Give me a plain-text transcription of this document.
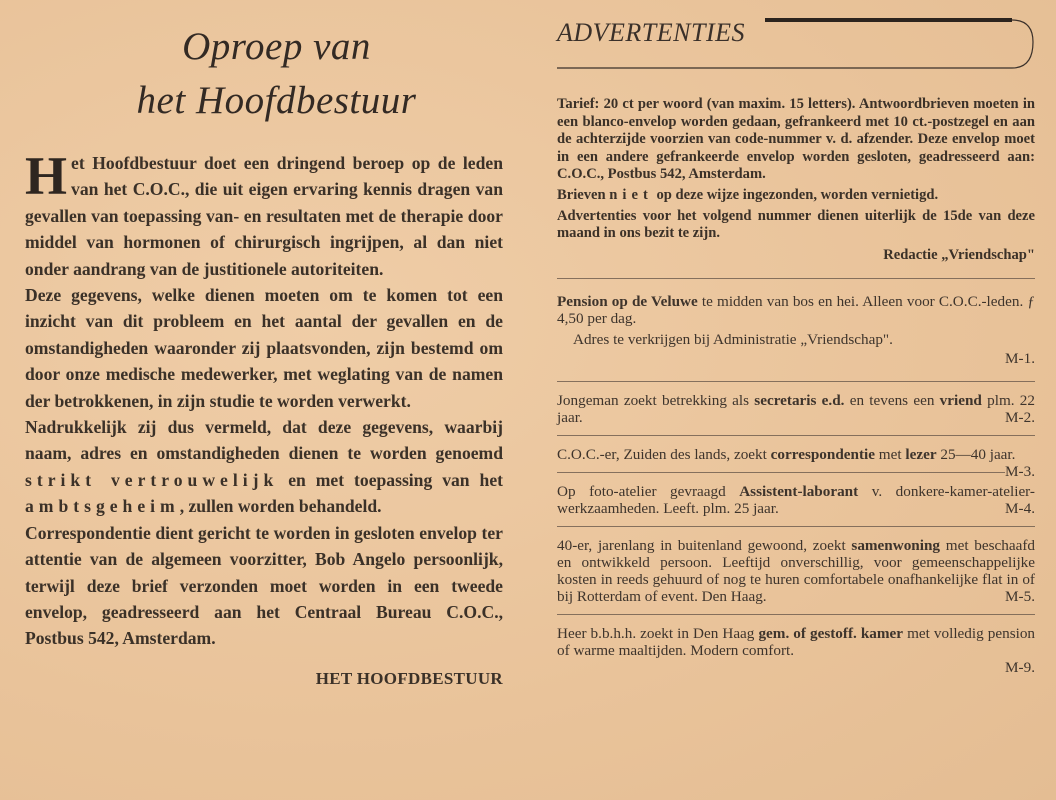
Oproep van
het Hoofdbestuur

Het Hoofdbestuur doet een dringend beroep op de leden van het C.O.C., die uit eigen ervaring kennis dragen van gevallen van toepassing van- en resultaten met de therapie door middel van hormonen of chirurgisch ingrijpen, al dan niet onder aandrang van de justitionele autoriteiten.

Deze gegevens, welke dienen moeten om te komen tot een inzicht van dit probleem en het aantal der gevallen en de omstandigheden waaronder zij plaatsvonden, zijn bestemd om door onze medische medewerker, met weglating van de namen der betrokkenen, in zijn studie te worden verwerkt.

Nadrukkelijk zij dus vermeld, dat deze gegevens, waarbij naam, adres en omstandigheden dienen te worden genoemd strikt vertrouwelijk en met toepassing van het ambtsgeheim, zullen worden behandeld.

Correspondentie dient gericht te worden in gesloten envelop ter attentie van de algemeen voorzitter, Bob Angelo persoonlijk, terwijl deze brief verzonden moet worden in een tweede envelop, geadresseerd aan het Centraal Bureau C.O.C., Postbus 542, Amsterdam.

HET HOOFDBESTUUR
ADVERTENTIES

Tarief: 20 ct per woord (van maxim. 15 letters). Antwoordbrieven moeten in een blanco-envelop worden gedaan, gefrankeerd met 10 ct.-postzegel en aan de achterzijde voorzien van code-nummer v. d. afzender. Deze envelop moet in een andere gefrankeerde envelop worden gesloten, geadresseerd aan: C.O.C., Postbus 542, Amsterdam.

Brieven niet op deze wijze ingezonden, worden vernietigd.

Advertenties voor het volgend nummer dienen uiterlijk de 15de van deze maand in ons bezit te zijn.

Redactie „Vriendschap"

Pension op de Veluwe te midden van bos en hei. Alleen voor C.O.C.-leden. ƒ 4,50 per dag.

Adres te verkrijgen bij Administratie „Vriendschap".

M-1.

Jongeman zoekt betrekking als secretaris e.d. en tevens een vriend plm. 22 jaar.	M-2.

C.O.C.-er, Zuiden des lands, zoekt correspondentie met lezer 25—40 jaar.
M-3.

Op foto-atelier gevraagd Assistent-laborant v. donkere-kamer-atelier-werkzaamheden. Leeft. plm. 25 jaar.	M-4.

40-er, jarenlang in buitenland gewoond, zoekt samenwoning met beschaafd en ontwikkeld persoon. Leeftijd onverschillig, voor gemeenschappelijke kosten in reeds gehuurd of nog te huren comfortabele onafhankelijke flat in of bij Rotterdam of event. Den Haag.	M-5.

Heer b.b.h.h. zoekt in Den Haag gem. of gestoff. kamer met volledig pension of warme maaltijden. Modern comfort.

M-9.
